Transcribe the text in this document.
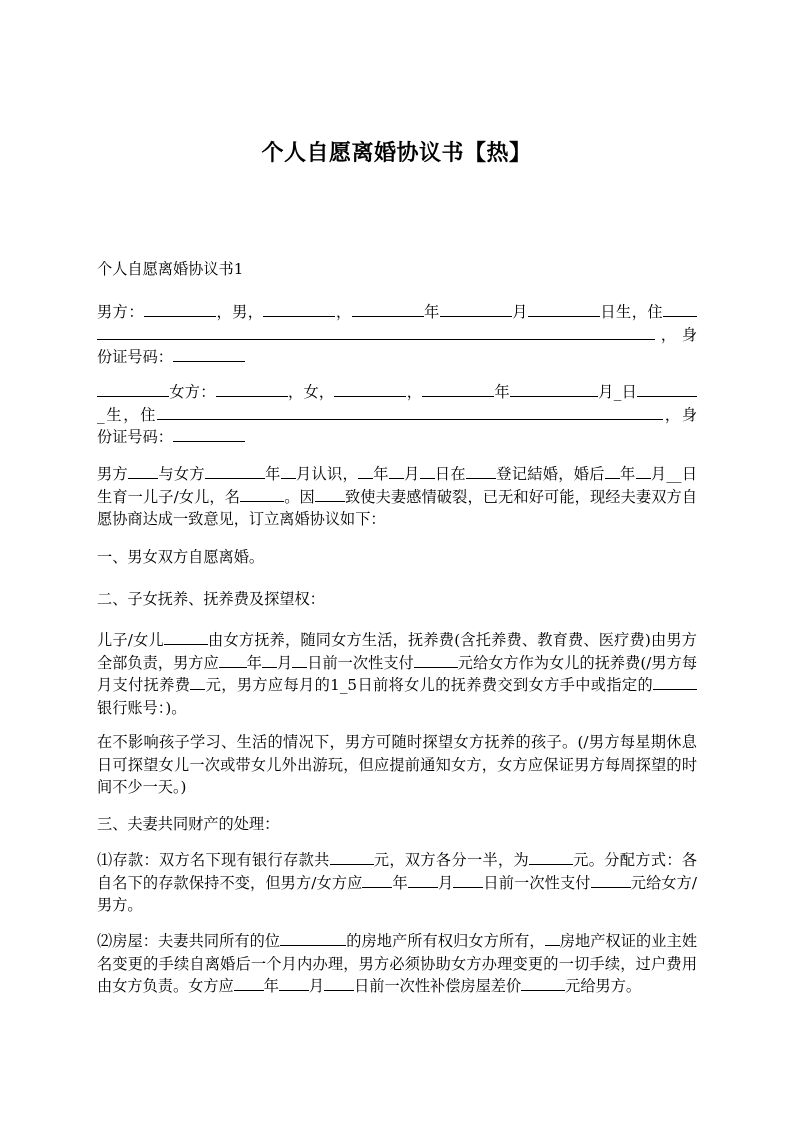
个人自愿离婚协议书【热】
个人自愿离婚协议书1
男方：	，男，	，	年	月	日生，住，身份证号码：
女方：	，女，	，	年	月_日_生，住	，身份证号码：
男方 与女方	年 月认识， 年 月 日在 登记結婚，婚后 年 月__日生育一儿子/女儿，名	。因 致使夫妻感情破裂，已无和好可能，现经夫妻双方自愿协商达成一致意见，订立离婚协议如下：
一、男女双方自愿离婚。
二、子女抚养、抚养费及探望权：
儿子/女儿	由女方抚养，随同女方生活，抚养费(含托养费、教育费、医疗费)由男方全部负责，男方应 年 月 日前一次性支付	元给女方作为女儿的抚养费(/男方每月支付抚养费 元，男方应每月的1_5日前将女儿的抚养费交到女方手中或指定的银行账号：)。
在不影响孩子学习、生活的情况下，男方可随时探望女方抚养的孩子。(/男方每星期休息日可探望女儿一次或带女儿外出游玩，但应提前通知女方，女方应保证男方每周探望的时间不少一天。)
三、夫妻共同财产的处理：
⑴存款：双方名下现有银行存款共	元，双方各分一半，为	元。分配方式：各自名下的存款保持不变，但男方/女方应 年 月 日前一次性支付	元给女方/男方。
⑵房屋：夫妻共同所有的位	的房地产所有权归女方所有， 房地产权证的业主姓名变更的手续自离婚后一个月内办理，男方必须协助女方办理变更的一切手续，过户费用由女方负责。女方应 年 月 日前一次性补偿房屋差价	元给男方。
